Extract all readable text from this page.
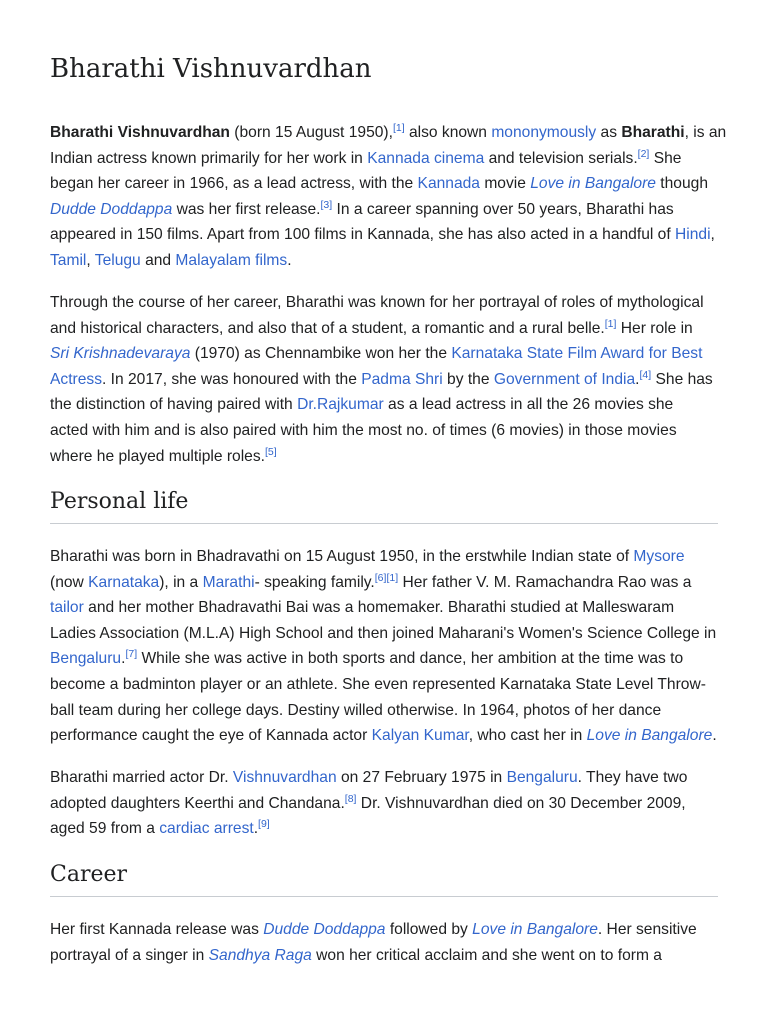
Bharathi Vishnuvardhan

Bharathi Vishnuvardhan (born 15 August 1950),[1] also known mononymously as Bharathi, is an
Indian actress known primarily for her work in Kannada cinema and television serials.[2] She
began her career in 1966, as a lead actress, with the Kannada movie Love in Bangalore though
Dudde Doddappa was her first release.[3] In a career spanning over 50 years, Bharathi has
appeared in 150 films. Apart from 100 films in Kannada, she has also acted in a handful of Hindi,
Tamil, Telugu and Malayalam films.

Through the course of her career, Bharathi was known for her portrayal of roles of mythological
and historical characters, and also that of a student, a romantic and a rural belle.[1] Her role in
Sri Krishnadevaraya (1970) as Chennambike won her the Karnataka State Film Award for Best
Actress. In 2017, she was honoured with the Padma Shri by the Government of India.[4] She has
the distinction of having paired with Dr.Rajkumar as a lead actress in all the 26 movies she
acted with him and is also paired with him the most no. of times (6 movies) in those movies
where he played multiple roles.[5]

Personal life

Bharathi was born in Bhadravathi on 15 August 1950, in the erstwhile Indian state of Mysore
(now Karnataka), in a Marathi- speaking family.[6][1] Her father V. M. Ramachandra Rao was a
tailor and her mother Bhadravathi Bai was a homemaker. Bharathi studied at Malleswaram
Ladies Association (M.L.A) High School and then joined Maharani's Women's Science College in
Bengaluru.[7] While she was active in both sports and dance, her ambition at the time was to
become a badminton player or an athlete. She even represented Karnataka State Level Throw-
ball team during her college days. Destiny willed otherwise. In 1964, photos of her dance
performance caught the eye of Kannada actor Kalyan Kumar, who cast her in Love in Bangalore.

Bharathi married actor Dr. Vishnuvardhan on 27 February 1975 in Bengaluru. They have two
adopted daughters Keerthi and Chandana.[8] Dr. Vishnuvardhan died on 30 December 2009,
aged 59 from a cardiac arrest.[9]

Career

Her first Kannada release was Dudde Doddappa followed by Love in Bangalore. Her sensitive
portrayal of a singer in Sandhya Raga won her critical acclaim and she went on to form a
